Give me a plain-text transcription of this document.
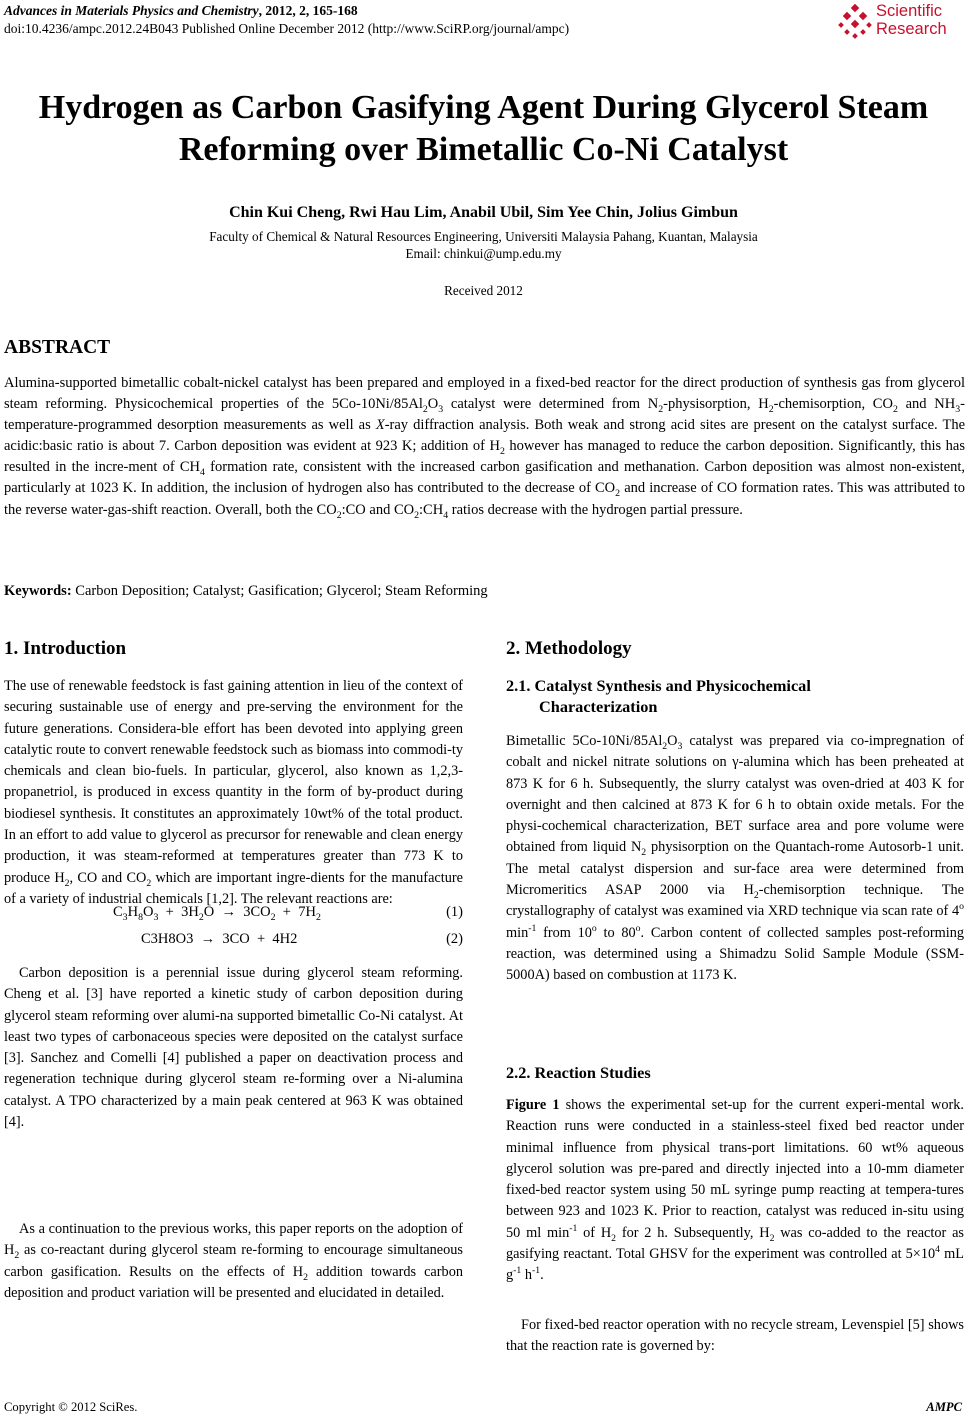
Advances in Materials Physics and Chemistry, 2012, 2, 165-168
doi:10.4236/ampc.2012.24B043 Published Online December 2012 (http://www.SciRP.org/journal/ampc)
Scientific
Research
Hydrogen as Carbon Gasifying Agent During Glycerol Steam
Reforming over Bimetallic Co-Ni Catalyst
Chin Kui Cheng, Rwi Hau Lim, Anabil Ubil, Sim Yee Chin, Jolius Gimbun
Faculty of Chemical & Natural Resources Engineering, Universiti Malaysia Pahang, Kuantan, Malaysia
Email: chinkui@ump.edu.my
Received 2012
ABSTRACT
Alumina-supported bimetallic cobalt-nickel catalyst has been prepared and employed in a fixed-bed reactor for the direct production of synthesis gas from glycerol steam reforming. Physicochemical properties of the $5Co-10Ni/85Al_2O_3$ catalyst were determined from $N_2$-physisorption, $H_2$-chemisorption, $CO_2$ and $NH_3-temperature$-programmed desorption measurements as well as X-ray diffraction analysis. Both weak and strong acid sites are present on the catalyst surface. The acidic:basic ratio is about 7. Carbon deposition was evident at 923 K; addition of $H_2$ however has managed to reduce the carbon deposition. Significantly, this has resulted in the incre-ment of $CH_4$ formation rate, consistent with the increased carbon gasification and methanation. Carbon deposition was almost non-existent, particularly at 1023 K. In addition, the inclusion of hydrogen also has contributed to the decrease of $CO_2$ and increase of CO formation rates. This was attributed to the reverse water-gas-shift reaction. Overall, both the $CO_2:CO$ and $CO_2:CH_4$ ratios decrease with the hydrogen partial pressure.
Keywords: Carbon Deposition; Catalyst; Gasification; Glycerol; Steam Reforming
1. Introduction

The use of renewable feedstock is fast gaining attention in lieu of the context of securing sustainable use of energy and pre-serving the environment for the future generations. Considera-ble effort has been devoted into applying green catalytic route to convert renewable feedstock such as biomass into commodi-ty chemicals and clean bio-fuels. In particular, glycerol, also known as 1,2,3-propanetriol, is produced in excess quantity in the form of by-product during biodiesel synthesis. It constitutes an approximately 10wt% of the total product. In an effort to add value to glycerol as precursor for renewable and clean energy production, it was steam-reformed at temperatures greater than 773 K to produce $H_2$, CO and $CO_2$ which are important ingre-dients for the manufacture of a variety of industrial chemicals [1,2]. The relevant reactions are:

$C_3H_8O_3 + 3H_2O \to 3CO_2 + 7H_2$	(1)
C3H8O3  →  3CO  +  4H2	(2)

Carbon deposition is a perennial issue during glycerol steam reforming. Cheng et al. [3] have reported a kinetic study of carbon deposition during glycerol steam reforming over alumi-na supported bimetallic Co-Ni catalyst. At least two types of carbonaceous species were deposited on the catalyst surface [3]. Sanchez and Comelli [4] published a paper on deactivation process and regeneration technique during glycerol steam re-forming over a Ni-alumina catalyst. A TPO characterized by a main peak centered at 963 K was obtained [4].

As a continuation to the previous works, this paper reports on the adoption of $H_2$ as co-reactant during glycerol steam re-forming to encourage simultaneous carbon gasification. Results on the effects of $H_2$ addition towards carbon deposition and product variation will be presented and elucidated in detailed.

2. Methodology
2.1. Catalyst Synthesis and Physicochemical
Characterization

Bimetallic $5Co-10Ni/85Al_2O_3$ catalyst was prepared via co-impregnation of cobalt and nickel nitrate solutions on γ-alumina which has been preheated at 873 K for 6 h. Subsequently, the slurry catalyst was oven-dried at 403 K for overnight and then calcined at 873 K for 6 h to obtain oxide metals. For the physi-cochemical characterization, BET surface area and pore volume were obtained from liquid $N_2$ physisorption on the Quantach-rome Autosorb-1 unit. The metal catalyst dispersion and sur-face area were determined from Micromeritics ASAP 2000 via $H_2$-chemisorption technique. The crystallography of catalyst was examined via XRD technique via scan rate of 4$^o$ $\min^{-1}$ from 10$^o$ to 80$^o$. Carbon content of collected samples post-reforming reaction, was determined using a Shimadzu Solid Sample Module (SSM-5000A) based on combustion at 1173 K.

2.2. Reaction Studies

Figure 1 shows the experimental set-up for the current experi-mental work. Reaction runs were conducted in a stainless-steel fixed bed reactor under minimal influence from physical trans-port limitations. 60 wt% aqueous glycerol solution was pre-pared and directly injected into a 10-mm diameter fixed-bed reactor system using 50 mL syringe pump reacting at tempera-tures between 923 and 1023 K. Prior to reaction, catalyst was reduced in-situ using 50 ml $\min^{-1}$ of $H_2$ for 2 h. Subsequently, $H_2$ was co-added to the reactor as gasifying reactant. Total GHSV for the experiment was controlled at $5\times 10^4$ mL $g^{-1}$ $h^{-1}$.

For fixed-bed reactor operation with no recycle stream, Levenspiel [5] shows that the reaction rate is governed by:

Copyright © 2012 SciRes.	AMPC
